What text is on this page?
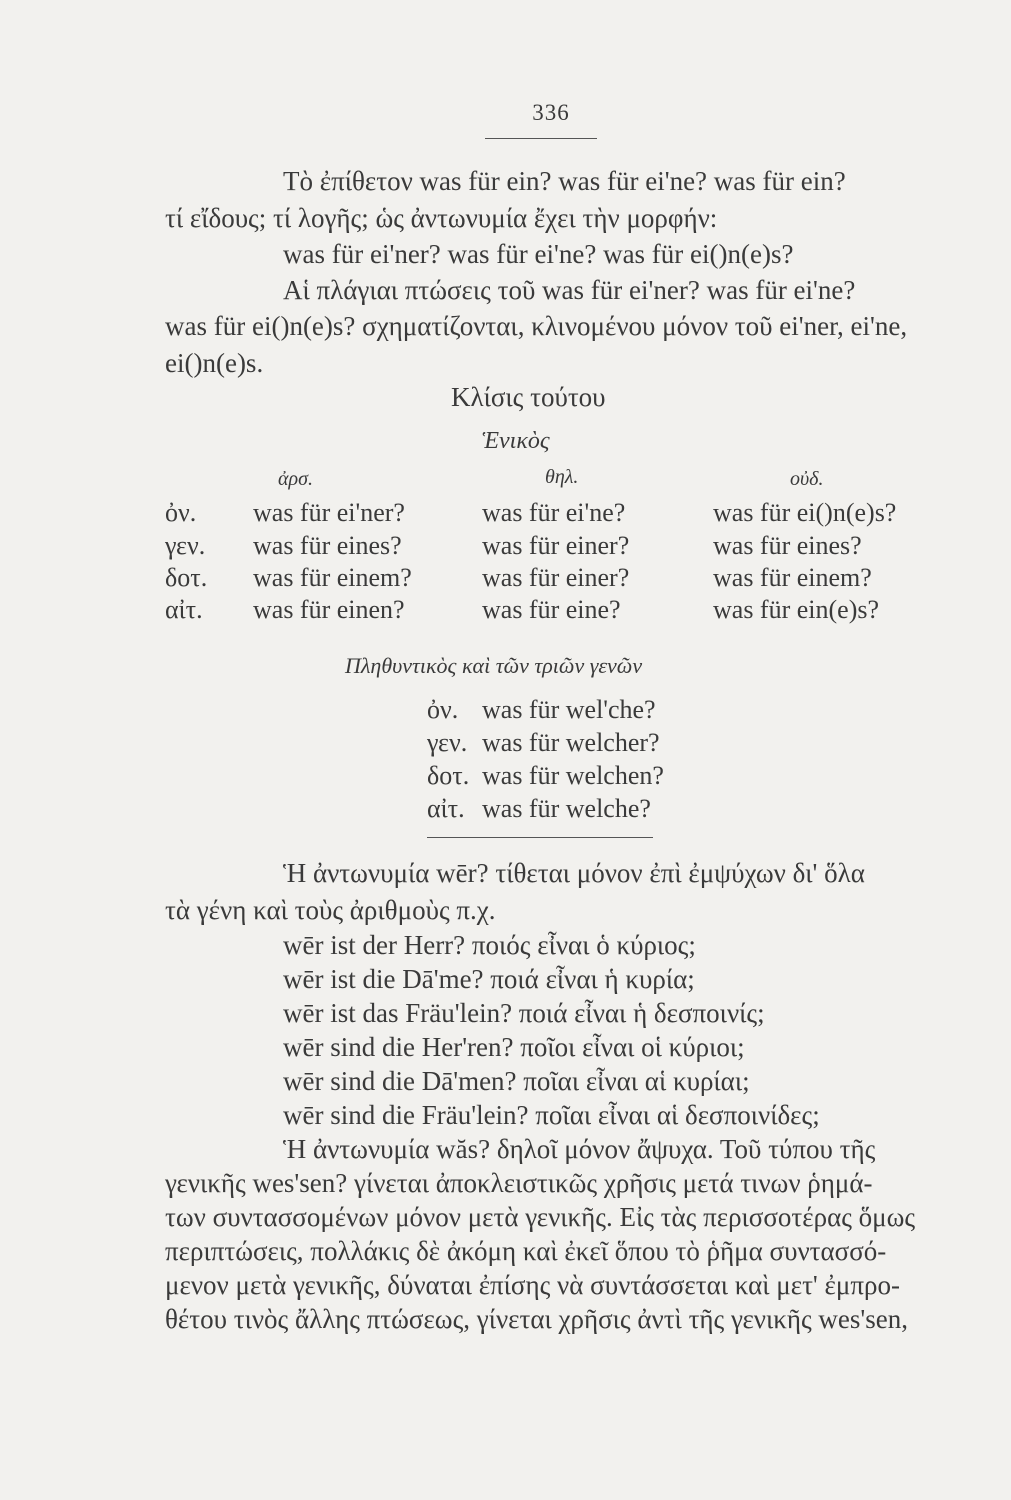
336
Τὸ ἐπίθετον was für ein? was für ei'ne? was für ein?
τί εἴδους; τί λογῆς; ὡς ἀντωνυμία ἔχει τὴν μορφήν:
was für ei'ner? was für ei'ne? was für ei()n(e)s?
Αἱ πλάγιαι πτώσεις τοῦ was für ei'ner? was für ei'ne?
was für ei()n(e)s? σχηματίζονται, κλινομένου μόνον τοῦ ei'ner, ei'ne,
ei()n(e)s.
Κλίσις τούτου
Ἑνικὸς
ἀρσ.	θηλ.	οὐδ.
ὀν. was für ei'ner?	was für ei'ne?	was für ei()n(e)s?
γεν. was für eines?	was für einer?	was für eines?
δοτ. was für einem?	was für einer?	was für einem?
αἰτ. was für einen?	was für eine?	was für ein(e)s?
Πληθυντικὸς καὶ τῶν τριῶν γενῶν
ὀν. was für wel'che?
γεν. was für welcher?
δοτ. was für welchen?
αἰτ. was für welche?
Ἡ ἀντωνυμία wēr? τίθεται μόνον ἐπὶ ἐμψύχων δι' ὅλα
τὰ γένη καὶ τοὺς ἀριθμοὺς π.χ.
wēr ist der Herr? ποιός εἶναι ὁ κύριος;
wēr ist die Dā'me? ποιά εἶναι ἡ κυρία;
wēr ist das Fräu'lein? ποιά εἶναι ἡ δεσποινίς;
wēr sind die Her'ren? ποῖοι εἶναι οἱ κύριοι;
wēr sind die Dā'men? ποῖαι εἶναι αἱ κυρίαι;
wēr sind die Fräu'lein? ποῖαι εἶναι αἱ δεσποινίδες;
Ἡ ἀντωνυμία wăs? δηλοῖ μόνον ἄψυχα. Τοῦ τύπου τῆς
γενικῆς wes'sen? γίνεται ἀποκλειστικῶς χρῆσις μετά τινων ῥημά-
των συντασσομένων μόνον μετὰ γενικῆς. Εἰς τὰς περισσοτέρας ὅμως
περιπτώσεις, πολλάκις δὲ ἀκόμη καὶ ἐκεῖ ὅπου τὸ ῥῆμα συντασσό-
μενον μετὰ γενικῆς, δύναται ἐπίσης νὰ συντάσσεται καὶ μετ' ἐμπρο-
θέτου τινὸς ἄλλης πτώσεως, γίνεται χρῆσις ἀντὶ τῆς γενικῆς wes'sen,
